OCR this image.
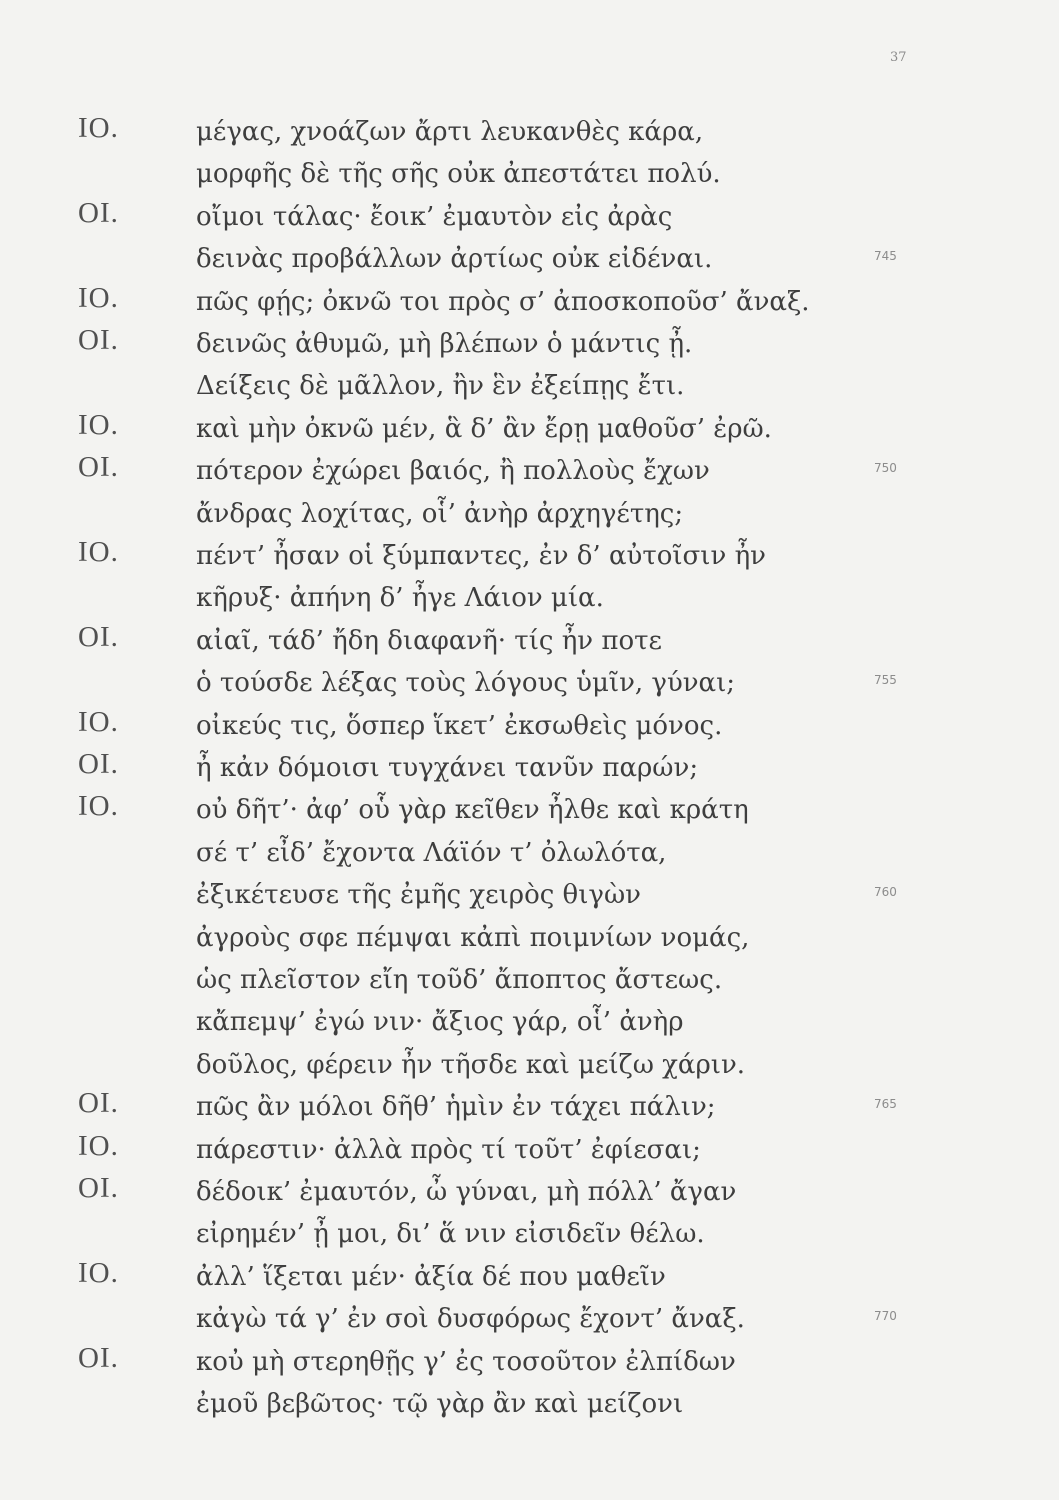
37
ΙΟ.	μέγας, χνοάζων ἄρτι λευκανθὲς κάρα,
μορφῆς δὲ τῆς σῆς οὐκ ἀπεστάτει πολύ.
ΟΙ.	οἴμοι τάλας· ἔοικ’ ἐμαυτὸν εἰς ἀρὰς
δεινὰς προβάλλων ἀρτίως οὐκ εἰδέναι.	745
ΙΟ.	πῶς φῄς; ὀκνῶ τοι πρὸς σ’ ἀποσκοποῦσ’ ἄναξ.
ΟΙ.	δεινῶς ἀθυμῶ, μὴ βλέπων ὁ μάντις ᾖ.
Δείξεις δὲ μᾶλλον, ἢν ἓν ἐξείπῃς ἔτι.
ΙΟ.	καὶ μὴν ὀκνῶ μέν, ἃ δ’ ἂν ἔρῃ μαθοῦσ’ ἐρῶ.
ΟΙ.	πότερον ἐχώρει βαιός, ἢ πολλοὺς ἔχων	750
ἄνδρας λοχίτας, οἷ’ ἀνὴρ ἀρχηγέτης;
ΙΟ.	πέντ’ ἦσαν οἱ ξύμπαντες, ἐν δ’ αὐτοῖσιν ἦν
κῆρυξ· ἀπήνη δ’ ἦγε Λάιον μία.
ΟΙ.	αἰαῖ, τάδ’ ἤδη διαφανῆ· τίς ἦν ποτε
ὁ τούσδε λέξας τοὺς λόγους ὑμῖν, γύναι;	755
ΙΟ.	οἰκεύς τις, ὅσπερ ἵκετ’ ἐκσωθεὶς μόνος.
ΟΙ.	ἦ κἀν δόμοισι τυγχάνει τανῦν παρών;
ΙΟ.	οὐ δῆτ’· ἀφ’ οὗ γὰρ κεῖθεν ἦλθε καὶ κράτη
σέ τ’ εἶδ’ ἔχοντα Λάϊόν τ’ ὀλωλότα,
ἐξικέτευσε τῆς ἐμῆς χειρὸς θιγὼν	760
ἀγροὺς σφε πέμψαι κἀπὶ ποιμνίων νομάς,
ὡς πλεῖστον εἴη τοῦδ’ ἄποπτος ἄστεως.
κἄπεμψ’ ἐγώ νιν· ἄξιος γάρ, οἷ’ ἀνὴρ
δοῦλος, φέρειν ἦν τῆσδε καὶ μείζω χάριν.
ΟΙ.	πῶς ἂν μόλοι δῆθ’ ἡμὶν ἐν τάχει πάλιν;	765
ΙΟ.	πάρεστιν· ἀλλὰ πρὸς τί τοῦτ’ ἐφίεσαι;
ΟΙ.	δέδοικ’ ἐμαυτόν, ὦ γύναι, μὴ πόλλ’ ἄγαν
εἰρημέν’ ᾖ μοι, δι’ ἅ νιν εἰσιδεῖν θέλω.
ΙΟ.	ἀλλ’ ἵξεται μέν· ἀξία δέ που μαθεῖν
κἀγὼ τά γ’ ἐν σοὶ δυσφόρως ἔχοντ’ ἄναξ.	770
ΟΙ.	κοὐ μὴ στερηθῇς γ’ ἐς τοσοῦτον ἐλπίδων
ἐμοῦ βεβῶτος· τῷ γὰρ ἂν καὶ μείζονι
